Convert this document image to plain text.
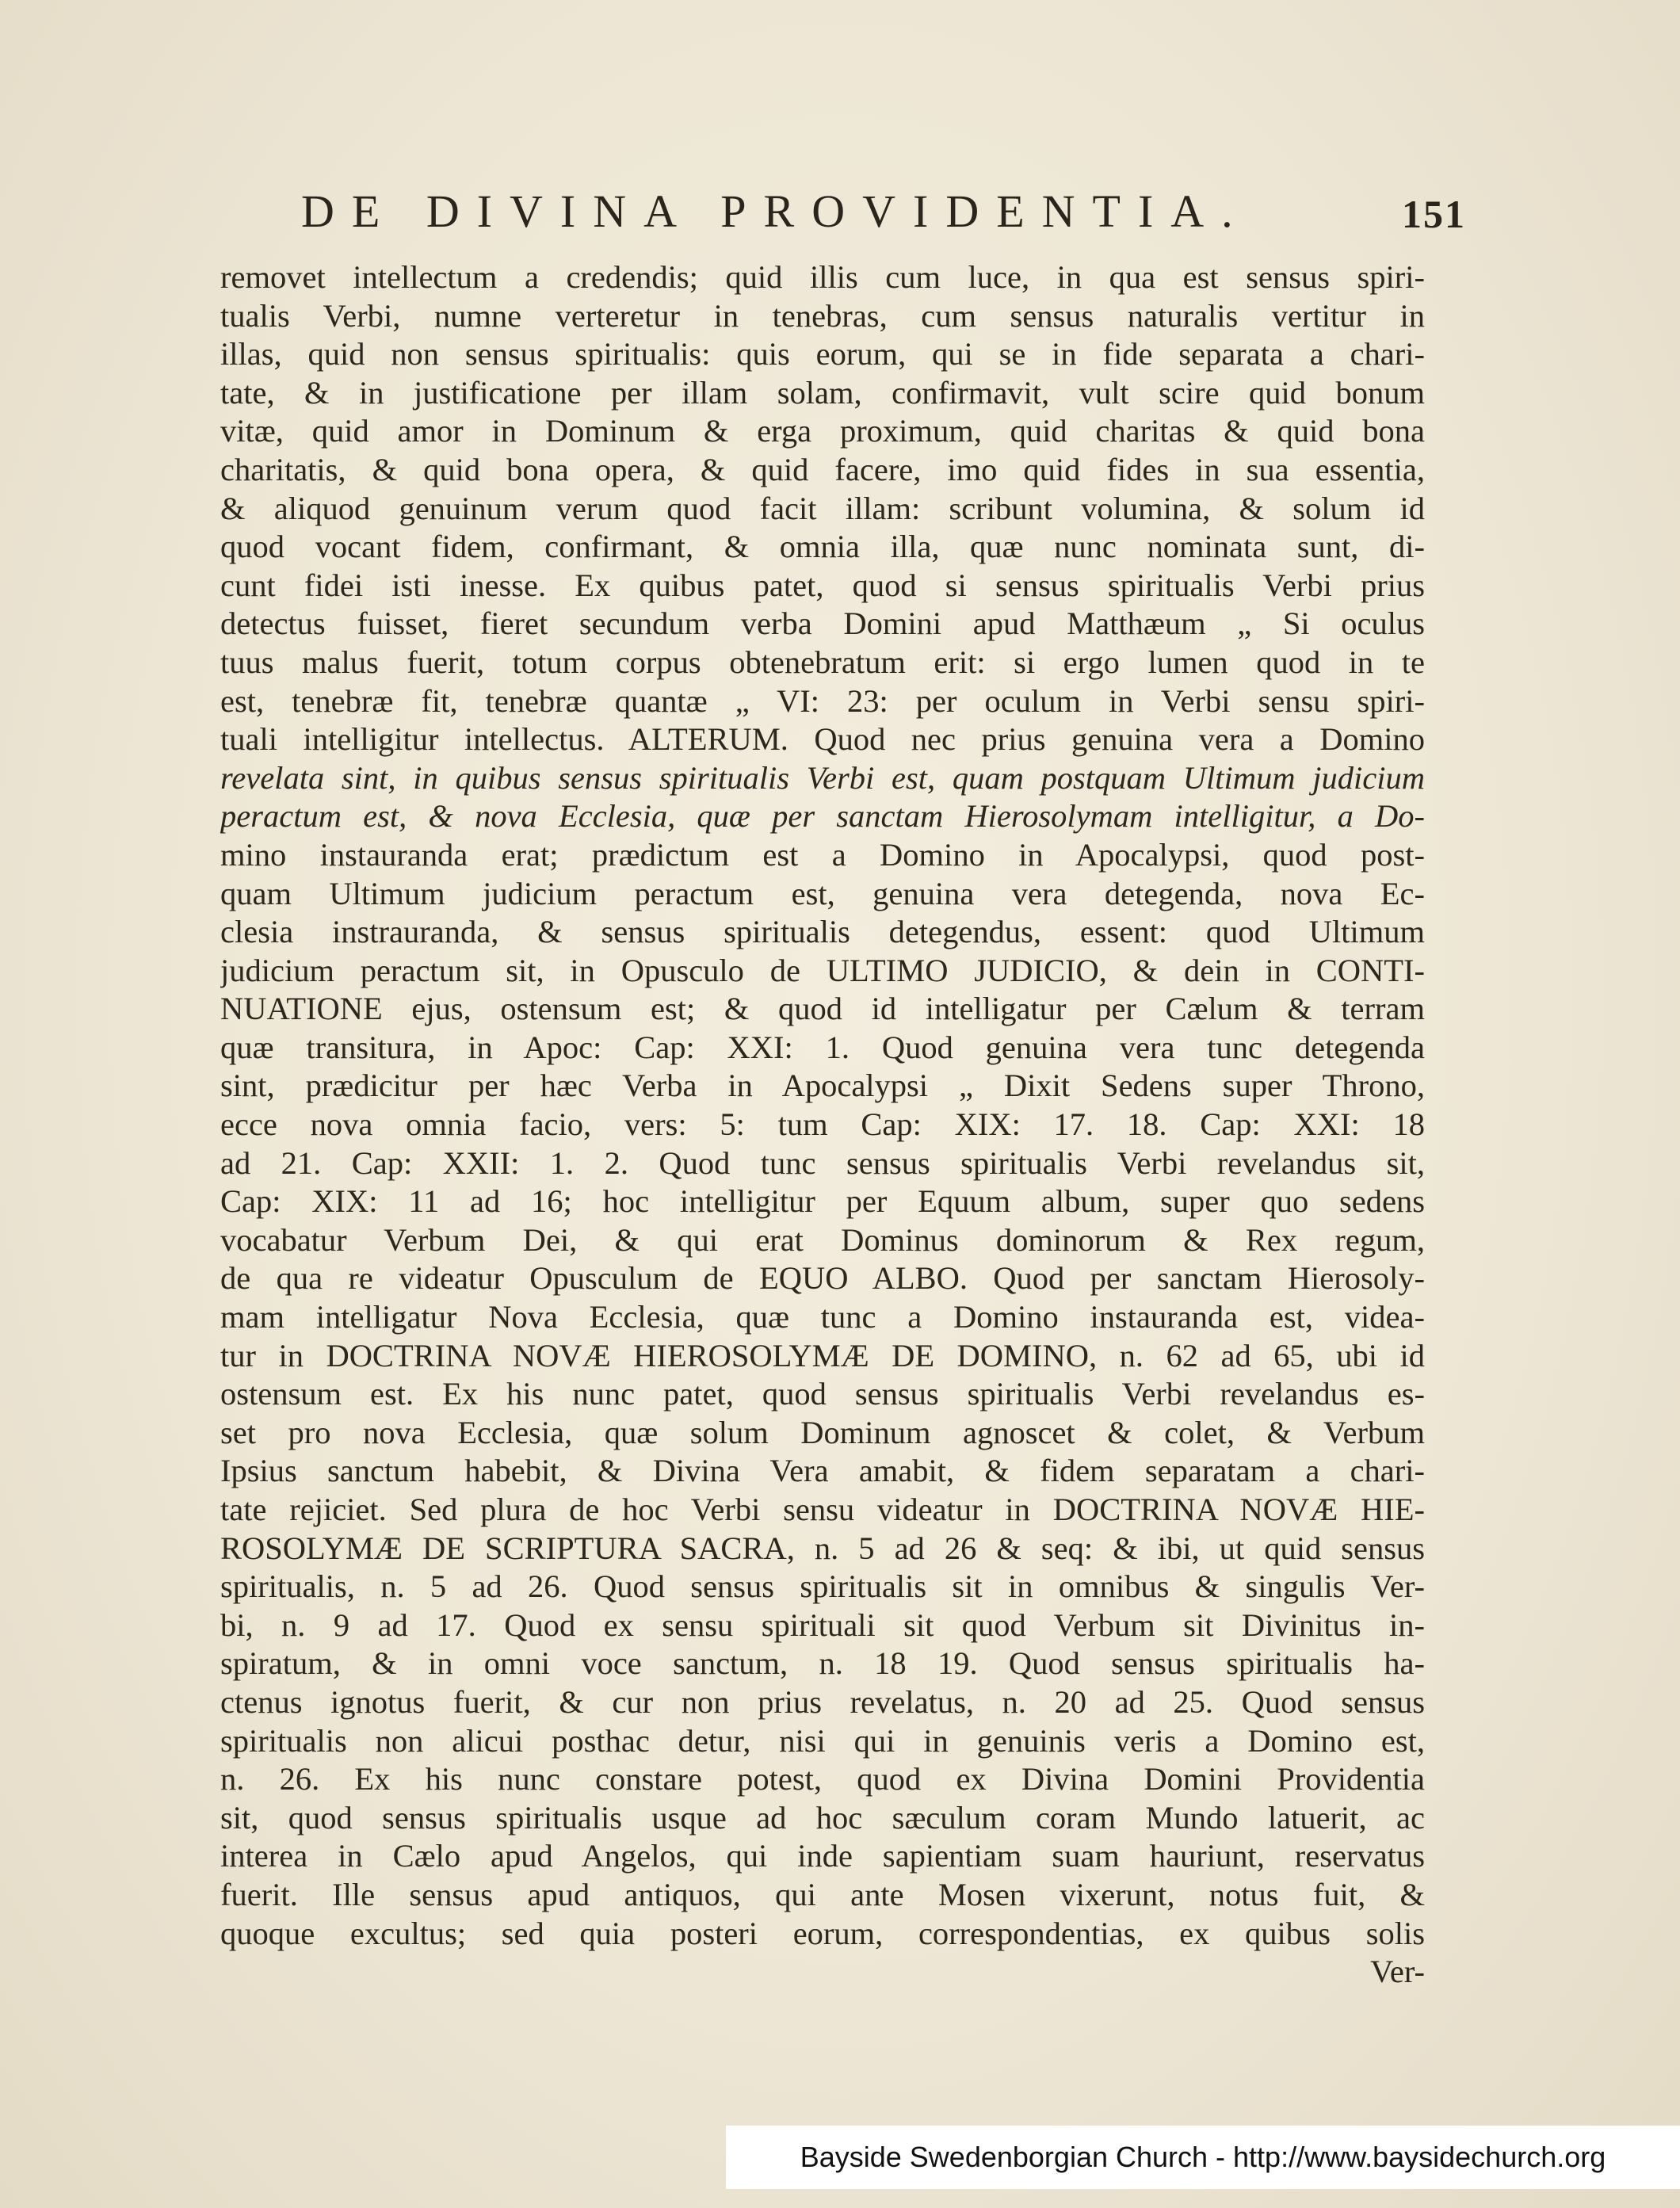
DE DIVINA PROVIDENTIA.	151
removet intellectum a credendis; quid illis cum luce, in qua est sensus spiri-
tualis Verbi, numne verteretur in tenebras, cum sensus naturalis vertitur in
illas, quid non sensus spiritualis: quis eorum, qui se in fide separata a chari-
tate, & in justificatione per illam solam, confirmavit, vult scire quid bonum
vitæ, quid amor in Dominum & erga proximum, quid charitas & quid bona
charitatis, & quid bona opera, & quid facere, imo quid fides in sua essentia,
& aliquod genuinum verum quod facit illam: scribunt volumina, & solum id
quod vocant fidem, confirmant, & omnia illa, quæ nunc nominata sunt, di-
cunt fidei isti inesse. Ex quibus patet, quod si sensus spiritualis Verbi prius
detectus fuisset, fieret secundum verba Domini apud Matthæum „ Si oculus
tuus malus fuerit, totum corpus obtenebratum erit: si ergo lumen quod in te
est, tenebræ fit, tenebræ quantæ „ VI: 23: per oculum in Verbi sensu spiri-
tuali intelligitur intellectus. ALTERUM. Quod nec prius genuina vera a Domino
revelata sint, in quibus sensus spiritualis Verbi est, quam postquam Ultimum judicium
peractum est, & nova Ecclesia, quæ per sanctam Hierosolymam intelligitur, a Do-
mino instauranda erat; prædictum est a Domino in Apocalypsi, quod post-
quam Ultimum judicium peractum est, genuina vera detegenda, nova Ec-
clesia instrauranda, & sensus spiritualis detegendus, essent: quod Ultimum
judicium peractum sit, in Opusculo de ULTIMO JUDICIO, & dein in CONTI-
NUATIONE ejus, ostensum est; & quod id intelligatur per Cælum & terram
quæ transitura, in Apoc: Cap: XXI: 1. Quod genuina vera tunc detegenda
sint, prædicitur per hæc Verba in Apocalypsi „ Dixit Sedens super Throno,
ecce nova omnia facio, vers: 5: tum Cap: XIX: 17. 18. Cap: XXI: 18
ad 21. Cap: XXII: 1. 2. Quod tunc sensus spiritualis Verbi revelandus sit,
Cap: XIX: 11 ad 16; hoc intelligitur per Equum album, super quo sedens
vocabatur Verbum Dei, & qui erat Dominus dominorum & Rex regum,
de qua re videatur Opusculum de EQUO ALBO. Quod per sanctam Hierosoly-
mam intelligatur Nova Ecclesia, quæ tunc a Domino instauranda est, videa-
tur in DOCTRINA NOVÆ HIEROSOLYMÆ DE DOMINO, n. 62 ad 65, ubi id
ostensum est. Ex his nunc patet, quod sensus spiritualis Verbi revelandus es-
set pro nova Ecclesia, quæ solum Dominum agnoscet & colet, & Verbum
Ipsius sanctum habebit, & Divina Vera amabit, & fidem separatam a chari-
tate rejiciet. Sed plura de hoc Verbi sensu videatur in DOCTRINA NOVÆ HIE-
ROSOLYMÆ DE SCRIPTURA SACRA, n. 5 ad 26 & seq: & ibi, ut quid sensus
spiritualis, n. 5 ad 26. Quod sensus spiritualis sit in omnibus & singulis Ver-
bi, n. 9 ad 17. Quod ex sensu spirituali sit quod Verbum sit Divinitus in-
spiratum, & in omni voce sanctum, n. 18 19. Quod sensus spiritualis ha-
ctenus ignotus fuerit, & cur non prius revelatus, n. 20 ad 25. Quod sensus
spiritualis non alicui posthac detur, nisi qui in genuinis veris a Domino est,
n. 26. Ex his nunc constare potest, quod ex Divina Domini Providentia
sit, quod sensus spiritualis usque ad hoc sæculum coram Mundo latuerit, ac
interea in Cælo apud Angelos, qui inde sapientiam suam hauriunt, reservatus
fuerit. Ille sensus apud antiquos, qui ante Mosen vixerunt, notus fuit, &
quoque excultus; sed quia posteri eorum, correspondentias, ex quibus solis
Ver-
Bayside Swedenborgian Church - http://www.baysidechurch.org
